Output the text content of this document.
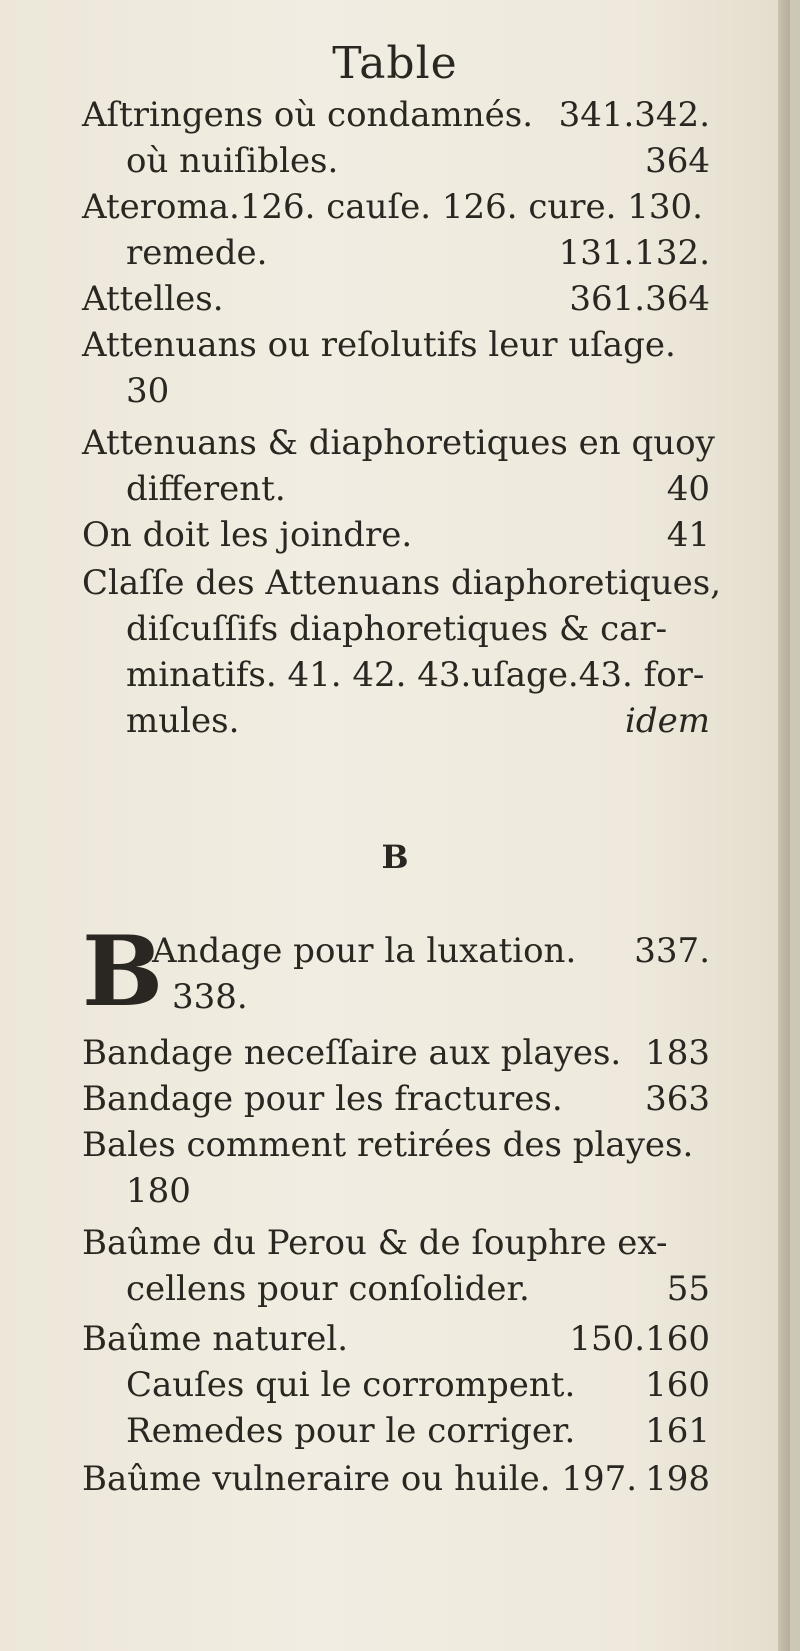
Table
Aſtringens où condamnés. 341.342.
où nuiſibles.	364
Ateroma.126. cauſe. 126. cure. 130.
remede.	131.132.
Attelles.	361.364
Attenuans ou reſolutifs leur uſage.
30
Attenuans & diaphoretiques en quoy
different.	40
On doit les joindre.	41
Claſſe des Attenuans diaphoretiques,
diſcuſſifs diaphoretiques & car-
minatifs. 41. 42. 43.uſage.43. for-
mules.	idem
B
B
Andage pour la luxation. 337.
338.
Bandage neceſſaire aux playes. 183
Bandage pour les fractures. 363
Bales comment retirées des playes.
180
Baûme du Perou & de ſouphre ex-
cellens pour conſolider.	55
Baûme naturel.	150.160
Cauſes qui le corrompent. 160
Remedes pour le corriger. 161
Baûme vulneraire ou huile. 197. 198
